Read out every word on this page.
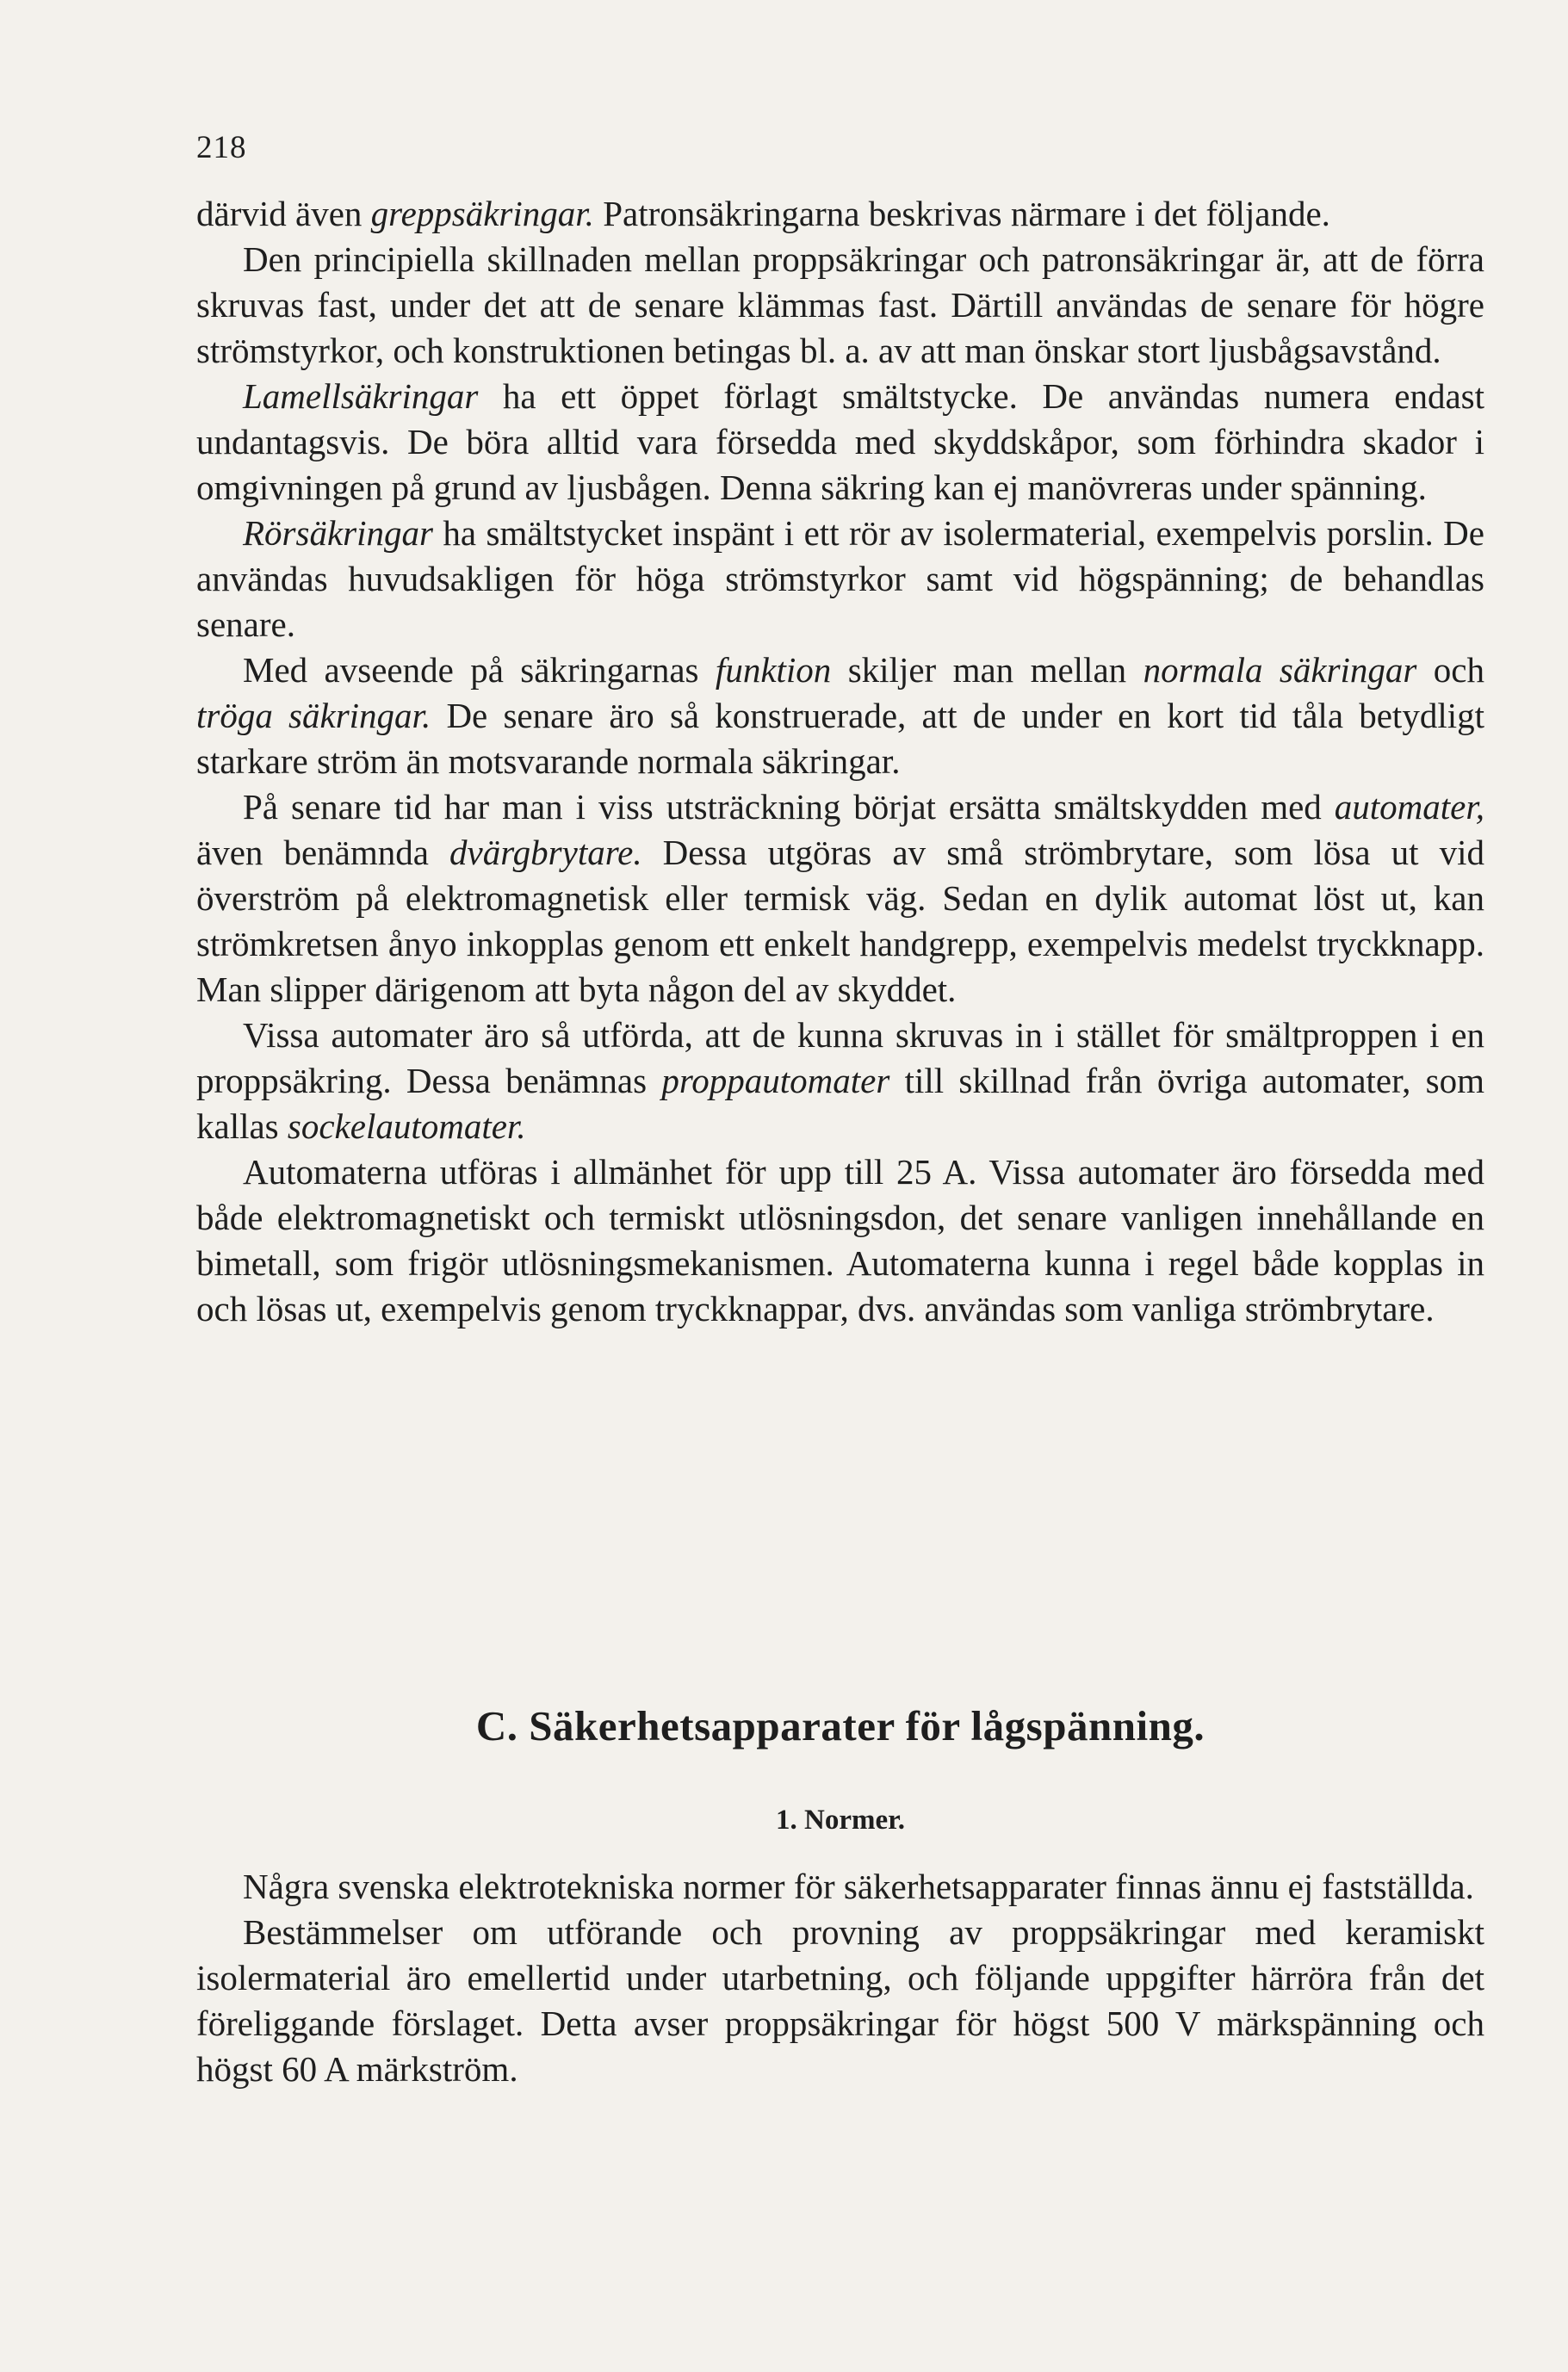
218

därvid även greppsäkringar. Patronsäkringarna beskrivas närmare i det följande.

Den principiella skillnaden mellan proppsäkringar och patronsäkringar är, att de förra skruvas fast, under det att de senare klämmas fast. Därtill användas de senare för högre strömstyrkor, och konstruktionen betingas bl. a. av att man önskar stort ljusbågsavstånd.

Lamellsäkringar ha ett öppet förlagt smältstycke. De användas numera endast undantagsvis. De böra alltid vara försedda med skyddskåpor, som förhindra skador i omgivningen på grund av ljusbågen. Denna säkring kan ej manövreras under spänning.

Rörsäkringar ha smältstycket inspänt i ett rör av isolermaterial, exempelvis porslin. De användas huvudsakligen för höga strömstyrkor samt vid högspänning; de behandlas senare.

Med avseende på säkringarnas funktion skiljer man mellan normala säkringar och tröga säkringar. De senare äro så konstruerade, att de under en kort tid tåla betydligt starkare ström än motsvarande normala säkringar.

På senare tid har man i viss utsträckning börjat ersätta smältskydden med automater, även benämnda dvärgbrytare. Dessa utgöras av små strömbrytare, som lösa ut vid överström på elektromagnetisk eller termisk väg. Sedan en dylik automat löst ut, kan strömkretsen ånyo inkopplas genom ett enkelt handgrepp, exempelvis medelst tryckknapp. Man slipper därigenom att byta någon del av skyddet.

Vissa automater äro så utförda, att de kunna skruvas in i stället för smältproppen i en proppsäkring. Dessa benämnas proppautomater till skillnad från övriga automater, som kallas sockelautomater.

Automaterna utföras i allmänhet för upp till 25 A. Vissa automater äro försedda med både elektromagnetiskt och termiskt utlösningsdon, det senare vanligen innehållande en bimetall, som frigör utlösningsmekanismen. Automaterna kunna i regel både kopplas in och lösas ut, exempelvis genom tryckknappar, dvs. användas som vanliga strömbrytare.

C. Säkerhetsapparater för lågspänning.
1. Normer.

Några svenska elektrotekniska normer för säkerhetsapparater finnas ännu ej fastställda.

Bestämmelser om utförande och provning av proppsäkringar med keramiskt isolermaterial äro emellertid under utarbetning, och följande uppgifter härröra från det föreliggande förslaget. Detta avser proppsäkringar för högst 500 V märkspänning och högst 60 A märkström.
